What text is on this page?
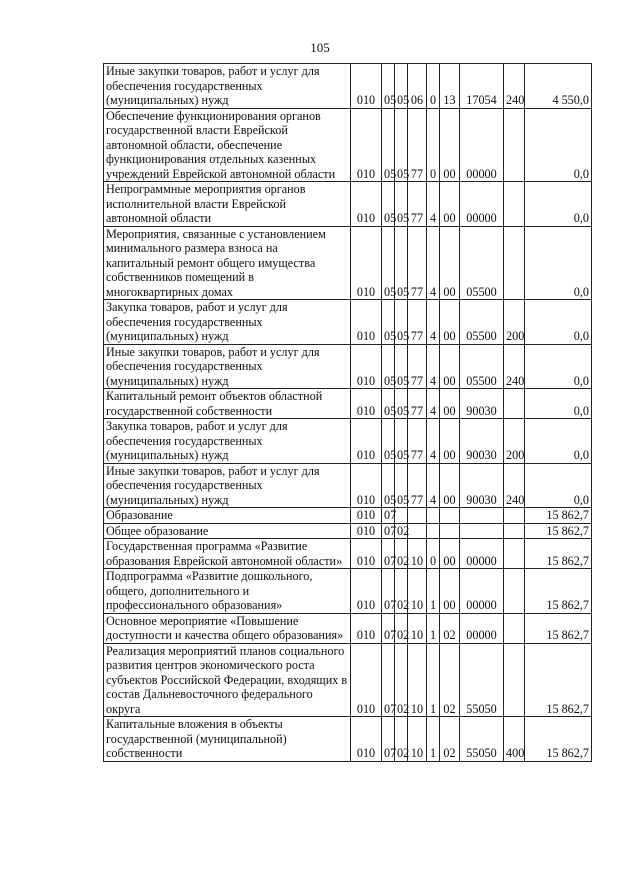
105
Иные закупки товаров, работ и услуг для обеспечения государственных (муниципальных) нужд	010	05	05	06	0	13	17054	240	4 550,0
Обеспечение функционирования органов государственной власти Еврейской автономной области, обеспечение функционирования отдельных казенных учреждений Еврейской автономной области	010	05	05	77	0	00	00000		0,0
Непрограммные мероприятия органов исполнительной власти Еврейской автономной области	010	05	05	77	4	00	00000		0,0
Мероприятия, связанные с установлением минимального размера взноса на капитальный ремонт общего имущества собственников помещений в многоквартирных домах	010	05	05	77	4	00	05500		0,0
Закупка товаров, работ и услуг для обеспечения государственных (муниципальных) нужд	010	05	05	77	4	00	05500	200	0,0
Иные закупки товаров, работ и услуг для обеспечения государственных (муниципальных) нужд	010	05	05	77	4	00	05500	240	0,0
Капитальный ремонт объектов областной государственной собственности	010	05	05	77	4	00	90030		0,0
Закупка товаров, работ и услуг для обеспечения государственных (муниципальных) нужд	010	05	05	77	4	00	90030	200	0,0
Иные закупки товаров, работ и услуг для обеспечения государственных (муниципальных) нужд	010	05	05	77	4	00	90030	240	0,0
Образование	010	07							15 862,7
Общее образование	010	07	02						15 862,7
Государственная программа «Развитие образования Еврейской автономной области»	010	07	02	10	0	00	00000		15 862,7
Подпрограмма «Развитие дошкольного, общего, дополнительного и профессионального образования»	010	07	02	10	1	00	00000		15 862,7
Основное мероприятие «Повышение доступности и качества общего образования»	010	07	02	10	1	02	00000		15 862,7
Реализация мероприятий планов социального развития центров экономического роста субъектов Российской Федерации, входящих в состав Дальневосточного федерального округа	010	07	02	10	1	02	55050		15 862,7
Капитальные вложения в объекты государственной (муниципальной) собственности	010	07	02	10	1	02	55050	400	15 862,7
